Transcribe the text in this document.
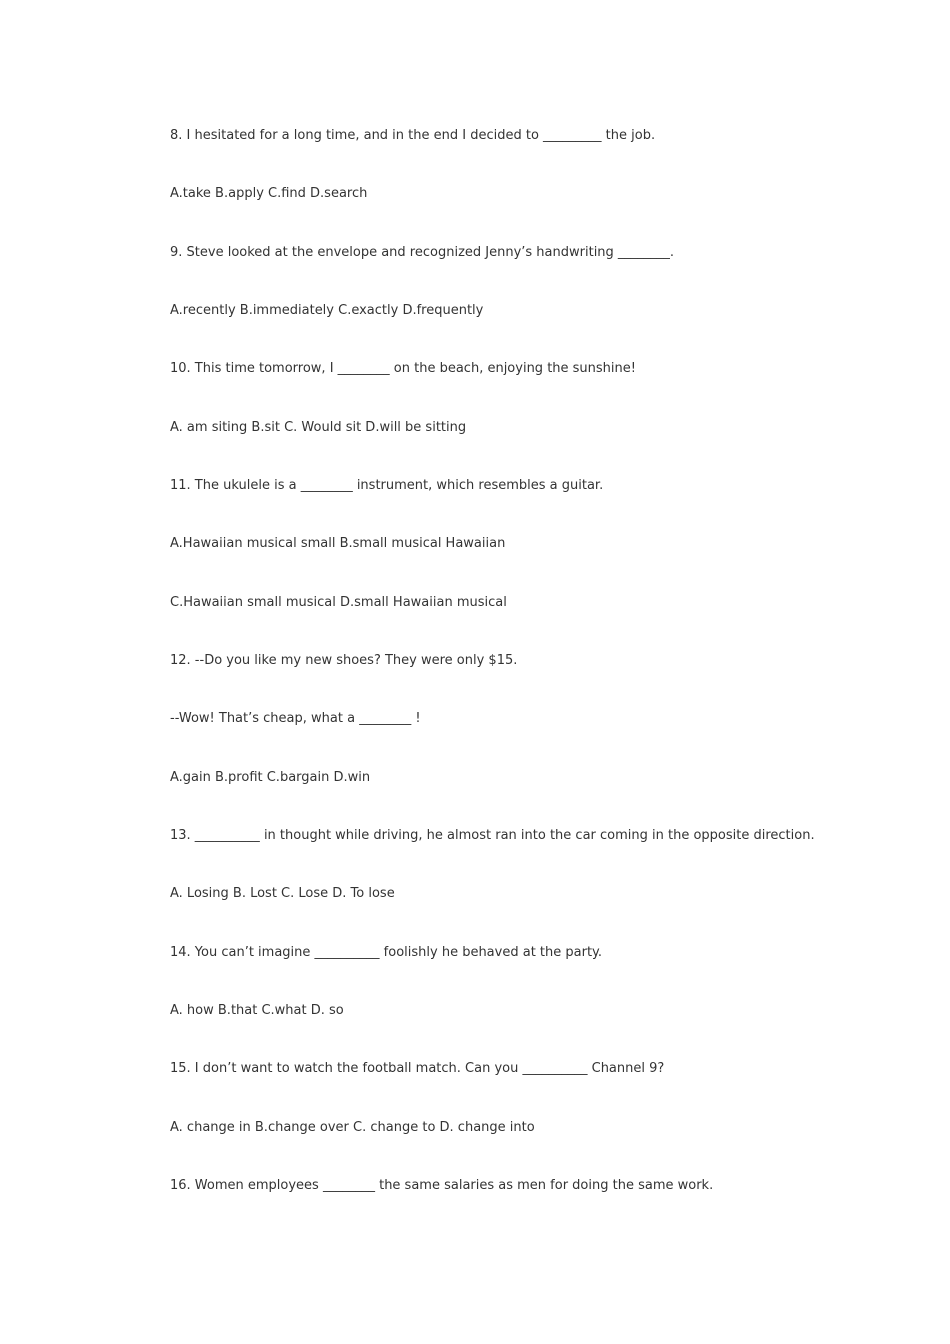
8. I hesitated for a long time, and in the end I decided to _________ the job.

A.take B.apply C.find D.search

9. Steve looked at the envelope and recognized Jenny’s handwriting ________.

A.recently B.immediately C.exactly D.frequently

10. This time tomorrow, I ________ on the beach, enjoying the sunshine!

A. am siting B.sit C. Would sit D.will be sitting

11. The ukulele is a ________ instrument, which resembles a guitar.

A.Hawaiian musical small B.small musical Hawaiian

C.Hawaiian small musical D.small Hawaiian musical

12. --Do you like my new shoes? They were only $15.

--Wow! That’s cheap, what a ________ !

A.gain B.profit C.bargain D.win

13. __________ in thought while driving, he almost ran into the car coming in the opposite direction.

A. Losing B. Lost C. Lose D. To lose

14. You can’t imagine __________ foolishly he behaved at the party.

A. how B.that C.what D. so

15. I don’t want to watch the football match. Can you __________ Channel 9?

A. change in B.change over C. change to D. change into

16. Women employees ________ the same salaries as men for doing the same work.
